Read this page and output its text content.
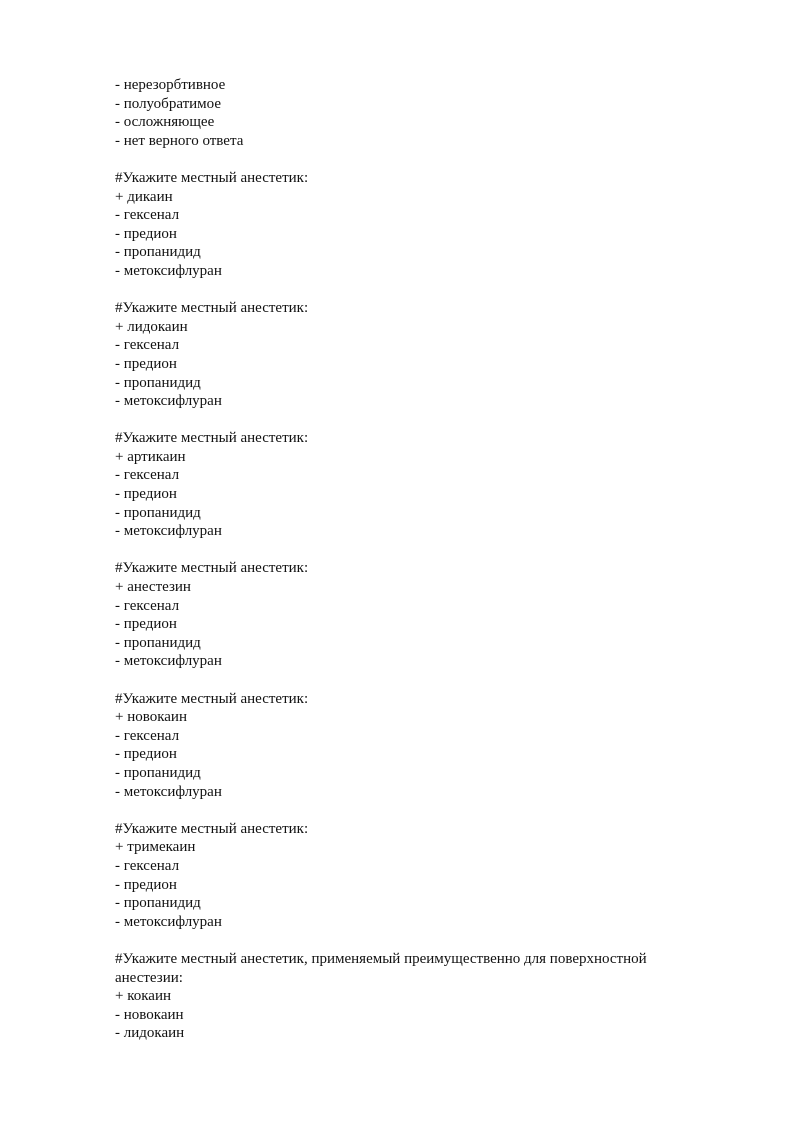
- нерезорбтивное
- полуобратимое
- осложняющее
- нет верного ответа
#Укажите местный анестетик:
+ дикаин
- гексенал
- предион
- пропанидид
- метоксифлуран
#Укажите местный анестетик:
+ лидокаин
- гексенал
- предион
- пропанидид
- метоксифлуран
#Укажите местный анестетик:
+ артикаин
- гексенал
- предион
- пропанидид
- метоксифлуран
#Укажите местный анестетик:
+ анестезин
- гексенал
- предион
- пропанидид
- метоксифлуран
#Укажите местный анестетик:
+ новокаин
- гексенал
- предион
- пропанидид
- метоксифлуран
#Укажите местный анестетик:
+ тримекаин
- гексенал
- предион
- пропанидид
- метоксифлуран
#Укажите местный анестетик, применяемый преимущественно для поверхностной анестезии:
+ кокаин
- новокаин
- лидокаин
